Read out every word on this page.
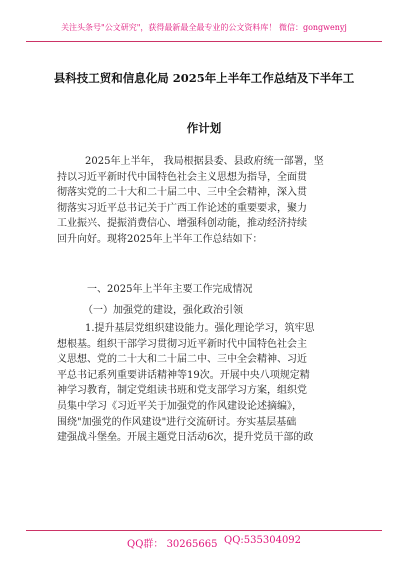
关注头条号"公文研究"，获得最新最全最专业的公文资料库！ 微信：gongwenyj
县科技工贸和信息化局 2025年上半年工作总结及下半年工
作计划
2025年上半年， 我局根据县委、县政府统一部署，坚
持以习近平新时代中国特色社会主义思想为指导，全面贯
彻落实党的二十大和二十届二中、三中全会精神，深入贯
彻落实习近平总书记关于广西工作论述的重要要求，聚力
工业振兴、提振消费信心、增强科创动能，推动经济持续
回升向好。现将2025年上半年工作总结如下：
一、2025年上半年主要工作完成情况
（一）加强党的建设，强化政治引领
1.提升基层党组织建设能力。强化理论学习，筑牢思
想根基。组织干部学习贯彻习近平新时代中国特色社会主
义思想、党的二十大和二十届二中、三中全会精神、习近
平总书记系列重要讲话精神等19次。开展中央八项规定精
神学习教育，制定党组读书班和党支部学习方案，组织党
员集中学习《习近平关于加强党的作风建设论述摘编》，
围绕"加强党的作风建设"进行交流研讨。夯实基层基础
建强战斗堡垒。开展主题党日活动6次，提升党员干部的政
QQ群： 30265665 QQ:535304092
